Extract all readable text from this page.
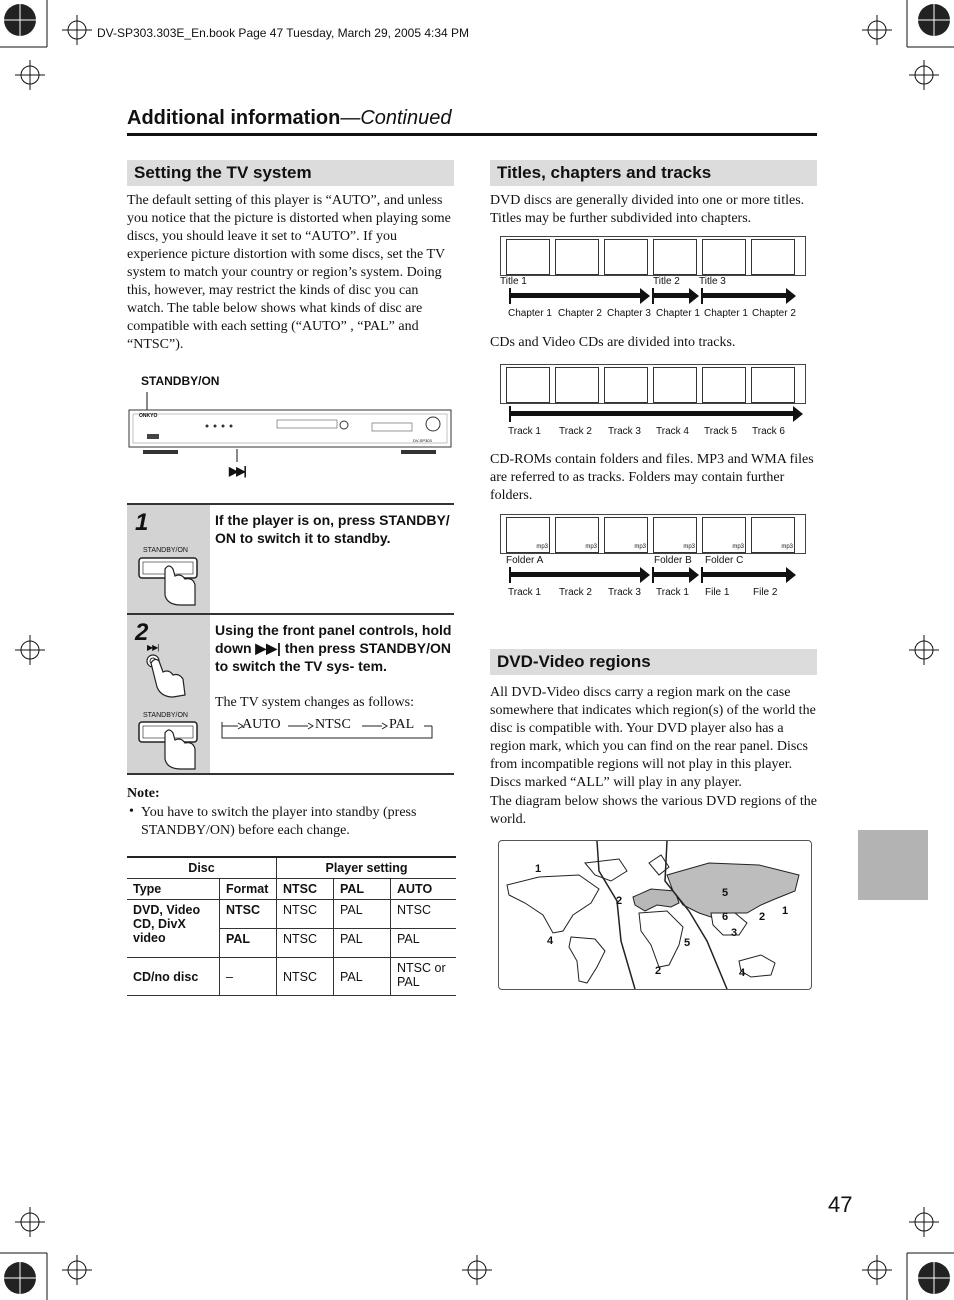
DV-SP303.303E_En.book Page 47 Tuesday, March 29, 2005 4:34 PM
Additional information—Continued
Setting the TV system
The default setting of this player is “AUTO”, and unless you notice that the picture is distorted when playing some discs, you should leave it set to “AUTO”. If you experience picture distortion with some discs, set the TV system to match your country or region’s system. Doing this, however, may restrict the kinds of disc you can watch. The table below shows what kinds of disc are compatible with each setting (“AUTO” , “PAL” and “NTSC”).
STANDBY/ON
ONKYO
DV-SP303
▶▶|
1
STANDBY/ON
If the player is on, press STANDBY/ ON to switch it to standby.
2
▶▶|
STANDBY/ON
Using the front panel controls, hold down ▶▶| then press STANDBY/ON to switch the TV sys- tem.
The TV system changes as follows:
AUTO NTSC	PAL
Note:
• You have to switch the player into standby (press STANDBY/ON) before each change.
Disc		Player setting		
Type	Format	NTSC	PAL	AUTO
DVD, Video CD, DivX video	NTSC	NTSC	PAL	NTSC
	PAL	NTSC	PAL	PAL
CD/no disc	–	NTSC	PAL	NTSC or PAL
Titles, chapters and tracks
DVD discs are generally divided into one or more titles. Titles may be further subdivided into chapters.
Title 1	Title 2 Title 3
Chapter 1 Chapter 2 Chapter 3 Chapter 1 Chapter 1 Chapter 2
CDs and Video CDs are divided into tracks.
Track 1 Track 2 Track 3 Track 4 Track 5 Track 6
CD-ROMs contain folders and files. MP3 and WMA files are referred to as tracks. Folders may contain further folders.
mp3	mp3	mp3	mp3	mp3	mp3
Folder A	Folder B Folder C
Track 1 Track 2 Track 3 Track 1 File 1 File 2
DVD-Video regions
All DVD-Video discs carry a region mark on the case somewhere that indicates which region(s) of the world the disc is compatible with. Your DVD player also has a region mark, which you can find on the rear panel. Discs from incompatible regions will not play in this player. Discs marked “ALL” will play in any player.
The diagram below shows the various DVD regions of the world.
1
2
4
2
5
5
6
3
2 1
4
47
